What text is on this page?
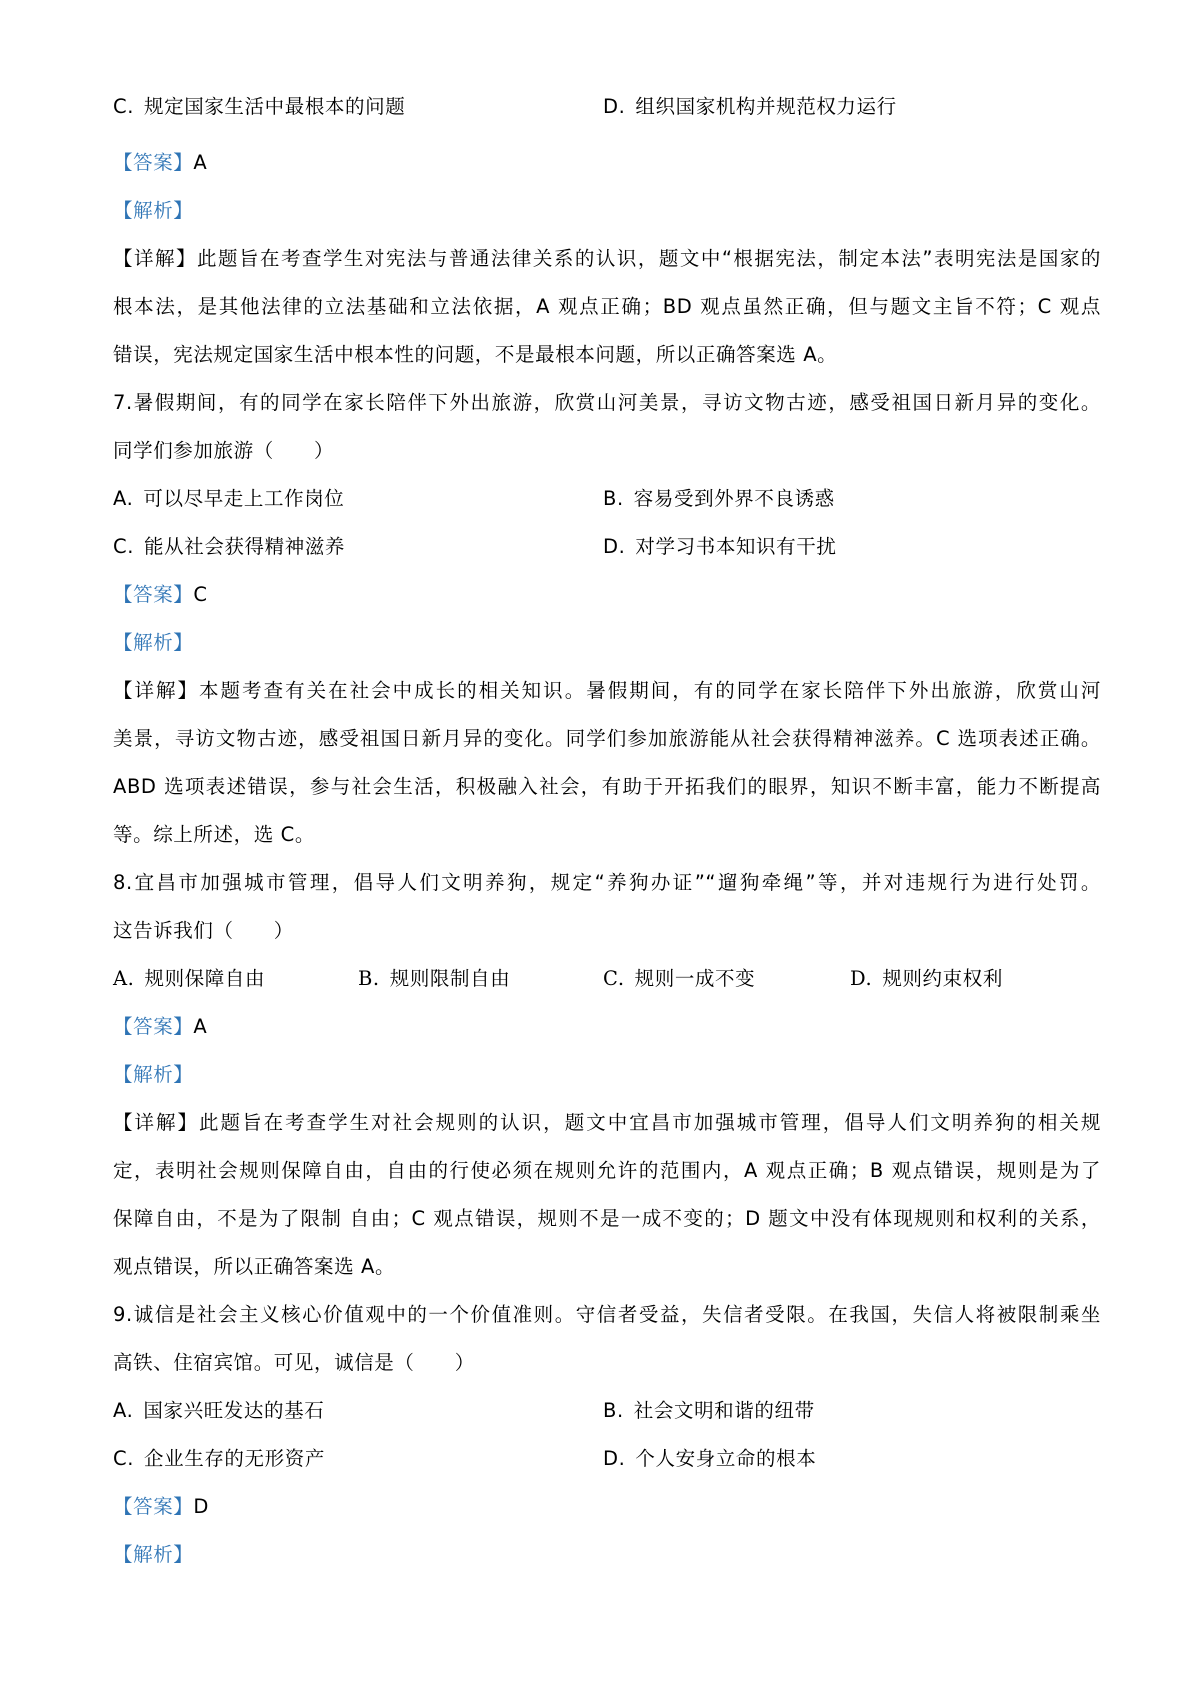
C. 规定国家生活中最根本的问题	D. 组织国家机构并规范权力运行
【答案】A
【解析】
【详解】此题旨在考查学生对宪法与普通法律关系的认识，题文中“根据宪法，制定本法”表明宪法是国家的
根本法，是其他法律的立法基础和立法依据，A 观点正确；BD 观点虽然正确，但与题文主旨不符；C 观点
错误，宪法规定国家生活中根本性的问题，不是最根本问题，所以正确答案选 A。
7.暑假期间，有的同学在家长陪伴下外出旅游，欣赏山河美景，寻访文物古迹，感受祖国日新月异的变化。
同学们参加旅游（　　）
A. 可以尽早走上工作岗位	B. 容易受到外界不良诱惑
C. 能从社会获得精神滋养	D. 对学习书本知识有干扰
【答案】C
【解析】
【详解】本题考查有关在社会中成长的相关知识。暑假期间，有的同学在家长陪伴下外出旅游，欣赏山河
美景，寻访文物古迹，感受祖国日新月异的变化。同学们参加旅游能从社会获得精神滋养。C 选项表述正确。
ABD 选项表述错误，参与社会生活，积极融入社会，有助于开拓我们的眼界，知识不断丰富，能力不断提高
等。综上所述，选 C。
8.宜昌市加强城市管理，倡导人们文明养狗，规定“养狗办证”“遛狗牵绳”等，并对违规行为进行处罚。
这告诉我们（　　）
A. 规则保障自由	B. 规则限制自由	C. 规则一成不变	D. 规则约束权利
【答案】A
【解析】
【详解】此题旨在考查学生对社会规则的认识，题文中宜昌市加强城市管理，倡导人们文明养狗的相关规
定，表明社会规则保障自由，自由的行使必须在规则允许的范围内，A 观点正确；B 观点错误，规则是为了
保障自由，不是为了限制 自由；C 观点错误，规则不是一成不变的；D 题文中没有体现规则和权利的关系，
观点错误，所以正确答案选 A。
9.诚信是社会主义核心价值观中的一个价值准则。守信者受益，失信者受限。在我国，失信人将被限制乘坐
高铁、住宿宾馆。可见，诚信是（　　）
A. 国家兴旺发达的基石	B. 社会文明和谐的纽带
C. 企业生存的无形资产	D. 个人安身立命的根本
【答案】D
【解析】
